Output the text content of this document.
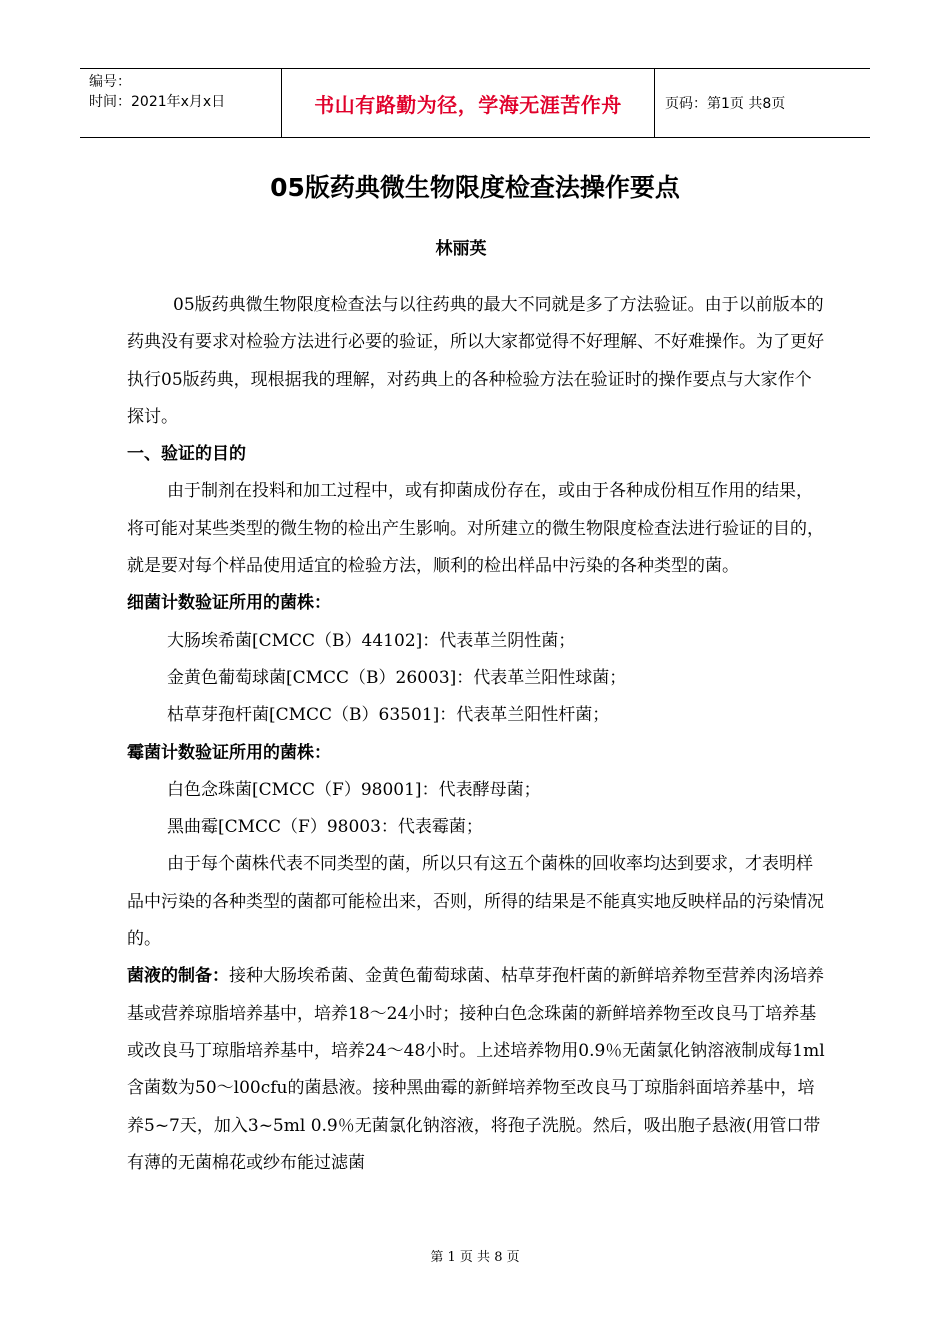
编号：
时间：2021年x月x日	书山有路勤为径，学海无涯苦作舟	页码：第1页 共8页
05版药典微生物限度检查法操作要点
林丽英

05版药典微生物限度检查法与以往药典的最大不同就是多了方法验证。由于以前版本的药典没有要求对检验方法进行必要的验证，所以大家都觉得不好理解、不好难操作。为了更好执行05版药典，现根据我的理解，对药典上的各种检验方法在验证时的操作要点与大家作个探讨。

一、验证的目的

由于制剂在投料和加工过程中，或有抑菌成份存在，或由于各种成份相互作用的结果，将可能对某些类型的微生物的检出产生影响。对所建立的微生物限度检查法进行验证的目的，就是要对每个样品使用适宜的检验方法，顺利的检出样品中污染的各种类型的菌。

细菌计数验证所用的菌株：

大肠埃希菌[CMCC（B）44102]：代表革兰阴性菌；

金黄色葡萄球菌[CMCC（B）26003]：代表革兰阳性球菌；

枯草芽孢杆菌[CMCC（B）63501]：代表革兰阳性杆菌；

霉菌计数验证所用的菌株：

白色念珠菌[CMCC（F）98001]：代表酵母菌；

黑曲霉[CMCC（F）98003：代表霉菌；

由于每个菌株代表不同类型的菌，所以只有这五个菌株的回收率均达到要求，才表明样品中污染的各种类型的菌都可能检出来，否则，所得的结果是不能真实地反映样品的污染情况的。

菌液的制备：接种大肠埃希菌、金黄色葡萄球菌、枯草芽孢杆菌的新鲜培养物至营养肉汤培养基或营养琼脂培养基中，培养18～24小时；接种白色念珠菌的新鲜培养物至改良马丁培养基或改良马丁琼脂培养基中，培养24～48小时。上述培养物用0.9％无菌氯化钠溶液制成每1ml含菌数为50～l00cfu的菌悬液。接种黑曲霉的新鲜培养物至改良马丁琼脂斜面培养基中，培养5~7天，加入3~5ml 0.9％无菌氯化钠溶液，将孢子洗脱。然后，吸出胞子悬液(用管口带有薄的无菌棉花或纱布能过滤菌

第 1 页 共 8 页
